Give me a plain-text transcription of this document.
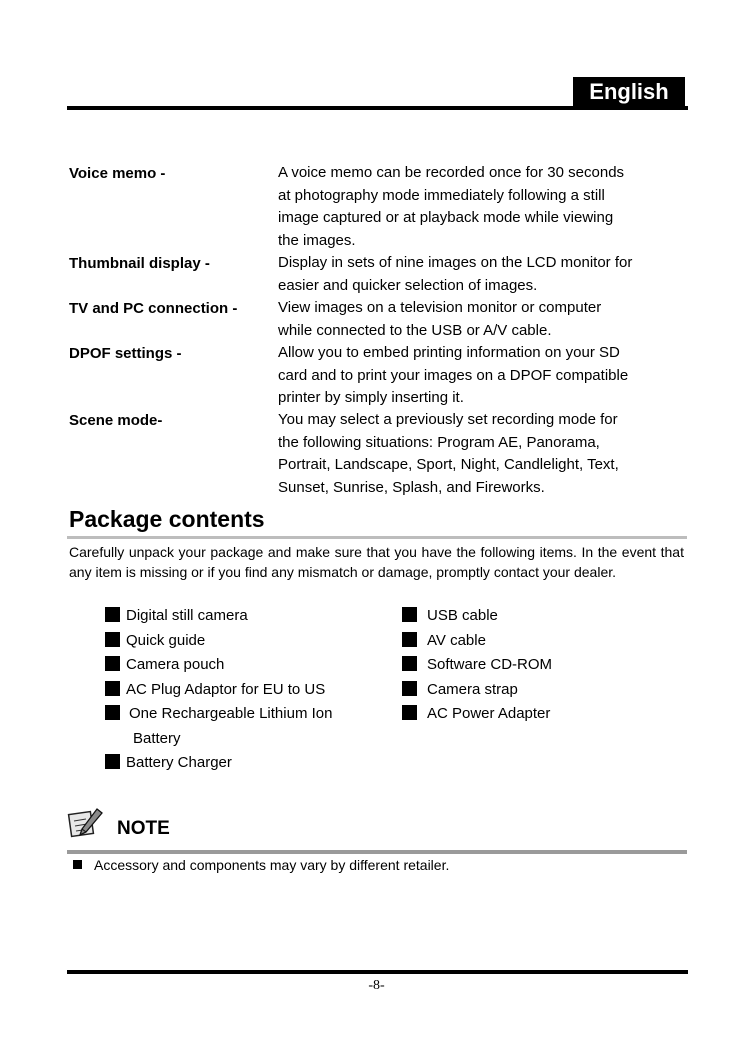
English
Voice memo -	A voice memo can be recorded once for 30 seconds
at photography mode immediately following a still
image captured or at playback mode while viewing
the images.
Thumbnail display -	Display in sets of nine images on the LCD monitor for
easier and quicker selection of images.
TV and PC connection -	View images on a television monitor or computer
while connected to the USB or A/V cable.
DPOF settings -	Allow you to embed printing information on your SD
card and to print your images on a DPOF compatible
printer by simply inserting it.
Scene mode-	You may select a previously set recording mode for
the following situations: Program AE, Panorama,
Portrait, Landscape, Sport, Night, Candlelight, Text,
Sunset, Sunrise, Splash, and Fireworks.
Package contents
Carefully unpack your package and make sure that you have the following items. In the event that any item is missing or if you find any mismatch or damage, promptly contact your dealer.
Digital still camera
Quick guide
Camera pouch
AC Plug Adaptor for EU to US
One Rechargeable Lithium Ion
Battery
Battery Charger
USB cable
AV cable
Software CD-ROM
Camera strap
AC Power Adapter
NOTE
Accessory and components may vary by different retailer.
-8-
